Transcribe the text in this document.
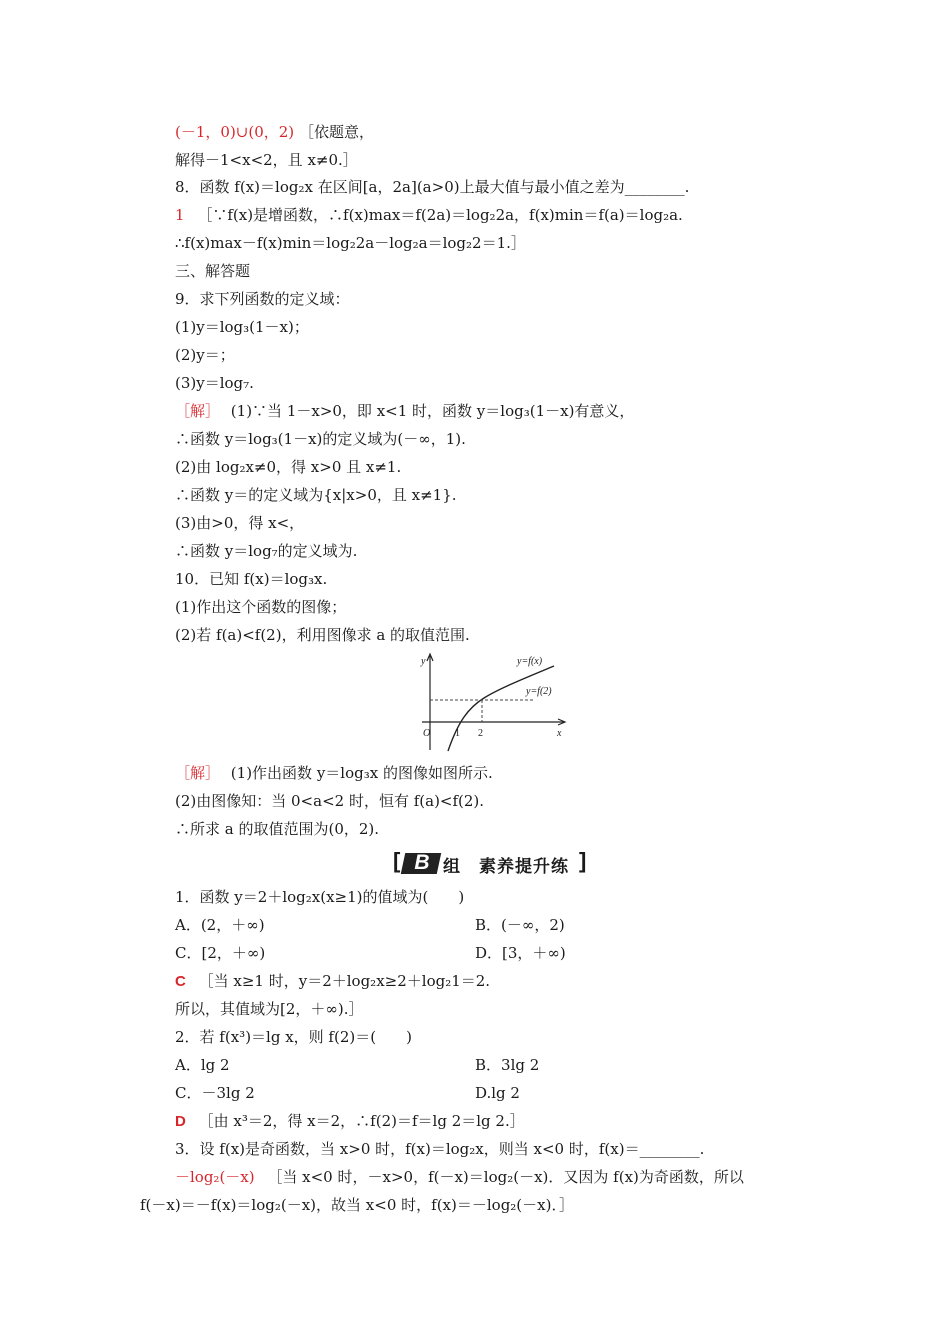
(－1，0)∪(0，2) ［依题意，
解得－1<x<2，且 x≠0.］
8．函数 f(x)＝log₂x 在区间[a，2a](a>0)上最大值与最小值之差为________.
1 ［∵f(x)是增函数，∴f(x)max＝f(2a)＝log₂2a，f(x)min＝f(a)＝log₂a.
∴f(x)max－f(x)min＝log₂2a－log₂a＝log₂2＝1.］
三、解答题
9．求下列函数的定义域：
(1)y＝log₃(1－x)；
(2)y＝；
(3)y＝log₇.
［解］ (1)∵当 1－x>0，即 x<1 时，函数 y＝log₃(1－x)有意义，
∴函数 y＝log₃(1－x)的定义域为(－∞，1).
(2)由 log₂x≠0，得 x>0 且 x≠1.
∴函数 y＝的定义域为{x|x>0，且 x≠1}.
(3)由>0，得 x<，
∴函数 y＝log₇的定义域为.
10．已知 f(x)＝log₃x.
(1)作出这个函数的图像；
(2)若 f(a)<f(2)，利用图像求 a 的取值范围.
y
x
O
y=f(x)
y=f(2)
1 2
［解］ (1)作出函数 y＝log₃x 的图像如图所示.
(2)由图像知：当 0<a<2 时，恒有 f(a)<f(2).
∴所求 a 的取值范围为(0，2).
[ B 组　素养提升练 ]
1．函数 y＝2＋log₂x(x≥1)的值域为(　　)
A．(2，＋∞)	B．(－∞，2)
C．[2，＋∞)	D．[3，＋∞)
C ［当 x≥1 时，y＝2＋log₂x≥2＋log₂1＝2.
所以，其值域为[2，＋∞).］
2．若 f(x³)＝lg x，则 f(2)＝(　　)
A．lg 2	B．3lg 2
C．－3lg 2	D.lg 2
D ［由 x³＝2，得 x＝2，∴f(2)＝f＝lg 2＝lg 2.］
3．设 f(x)是奇函数，当 x>0 时，f(x)＝log₂x，则当 x<0 时，f(x)＝________.
－log₂(－x) ［当 x<0 时，－x>0，f(－x)＝log₂(－x)．又因为 f(x)为奇函数，所以
f(－x)＝－f(x)＝log₂(－x)，故当 x<0 时，f(x)＝－log₂(－x)．］
